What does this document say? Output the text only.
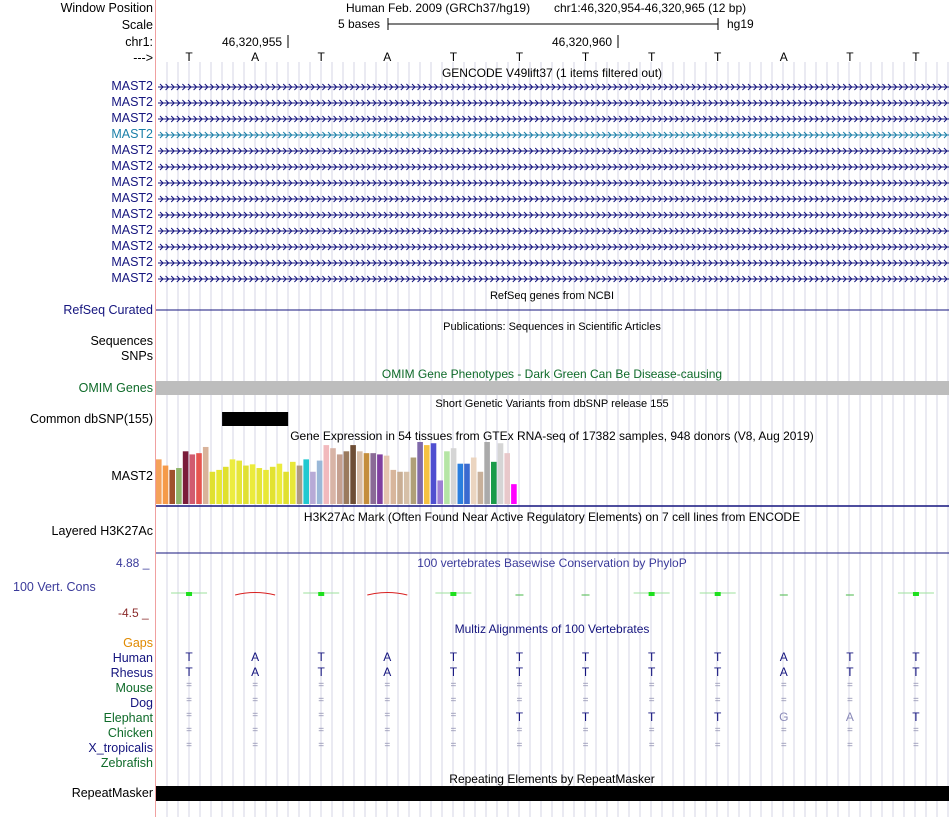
Window Position
Scale
chr1:
--->
Human Feb. 2009 (GRCh37/hg19) chr1:46,320,954-46,320,965 (12 bp)
5 bases	hg19
46,320,955	46,320,960
T	A	T	A	T	T	T	T	T	A	T	T
GENCODE V49lift37 (1 items filtered out)
MAST2
MAST2
MAST2
MAST2
MAST2
MAST2
MAST2
MAST2
MAST2
MAST2
MAST2
MAST2
MAST2
RefSeq genes from NCBI
RefSeq Curated
Publications: Sequences in Scientific Articles
Sequences
SNPs
OMIM Gene Phenotypes - Dark Green Can Be Disease-causing
OMIM Genes
Short Genetic Variants from dbSNP release 155
Common dbSNP(155)
Gene Expression in 54 tissues from GTEx RNA-seq of 17382 samples, 948 donors (V8, Aug 2019)
MAST2
H3K27Ac Mark (Often Found Near Active Regulatory Elements) on 7 cell lines from ENCODE
Layered H3K27Ac
100 vertebrates Basewise Conservation by PhyloP
4.88 _
100 Vert. Cons
-4.5 _
Multiz Alignments of 100 Vertebrates
Gaps
Human	T	A	T	A	T	T	T	T	T	A	T	T
Rhesus	T	A	T	A	T	T	T	T	T	A	T	T
Mouse	=	=	=	=	=	=	=	=	=	=	=	=
Dog	=	=	=	=	=	=	=	=	=	=	=	=
Elephant	=	=	=	=	=	T	T	T	T	G	A	T
Chicken	=	=	=	=	=	=	=	=	=	=	=	=
X_tropicalis	=	=	=	=	=	=	=	=	=	=	=	=
Zebrafish
Repeating Elements by RepeatMasker
RepeatMasker
